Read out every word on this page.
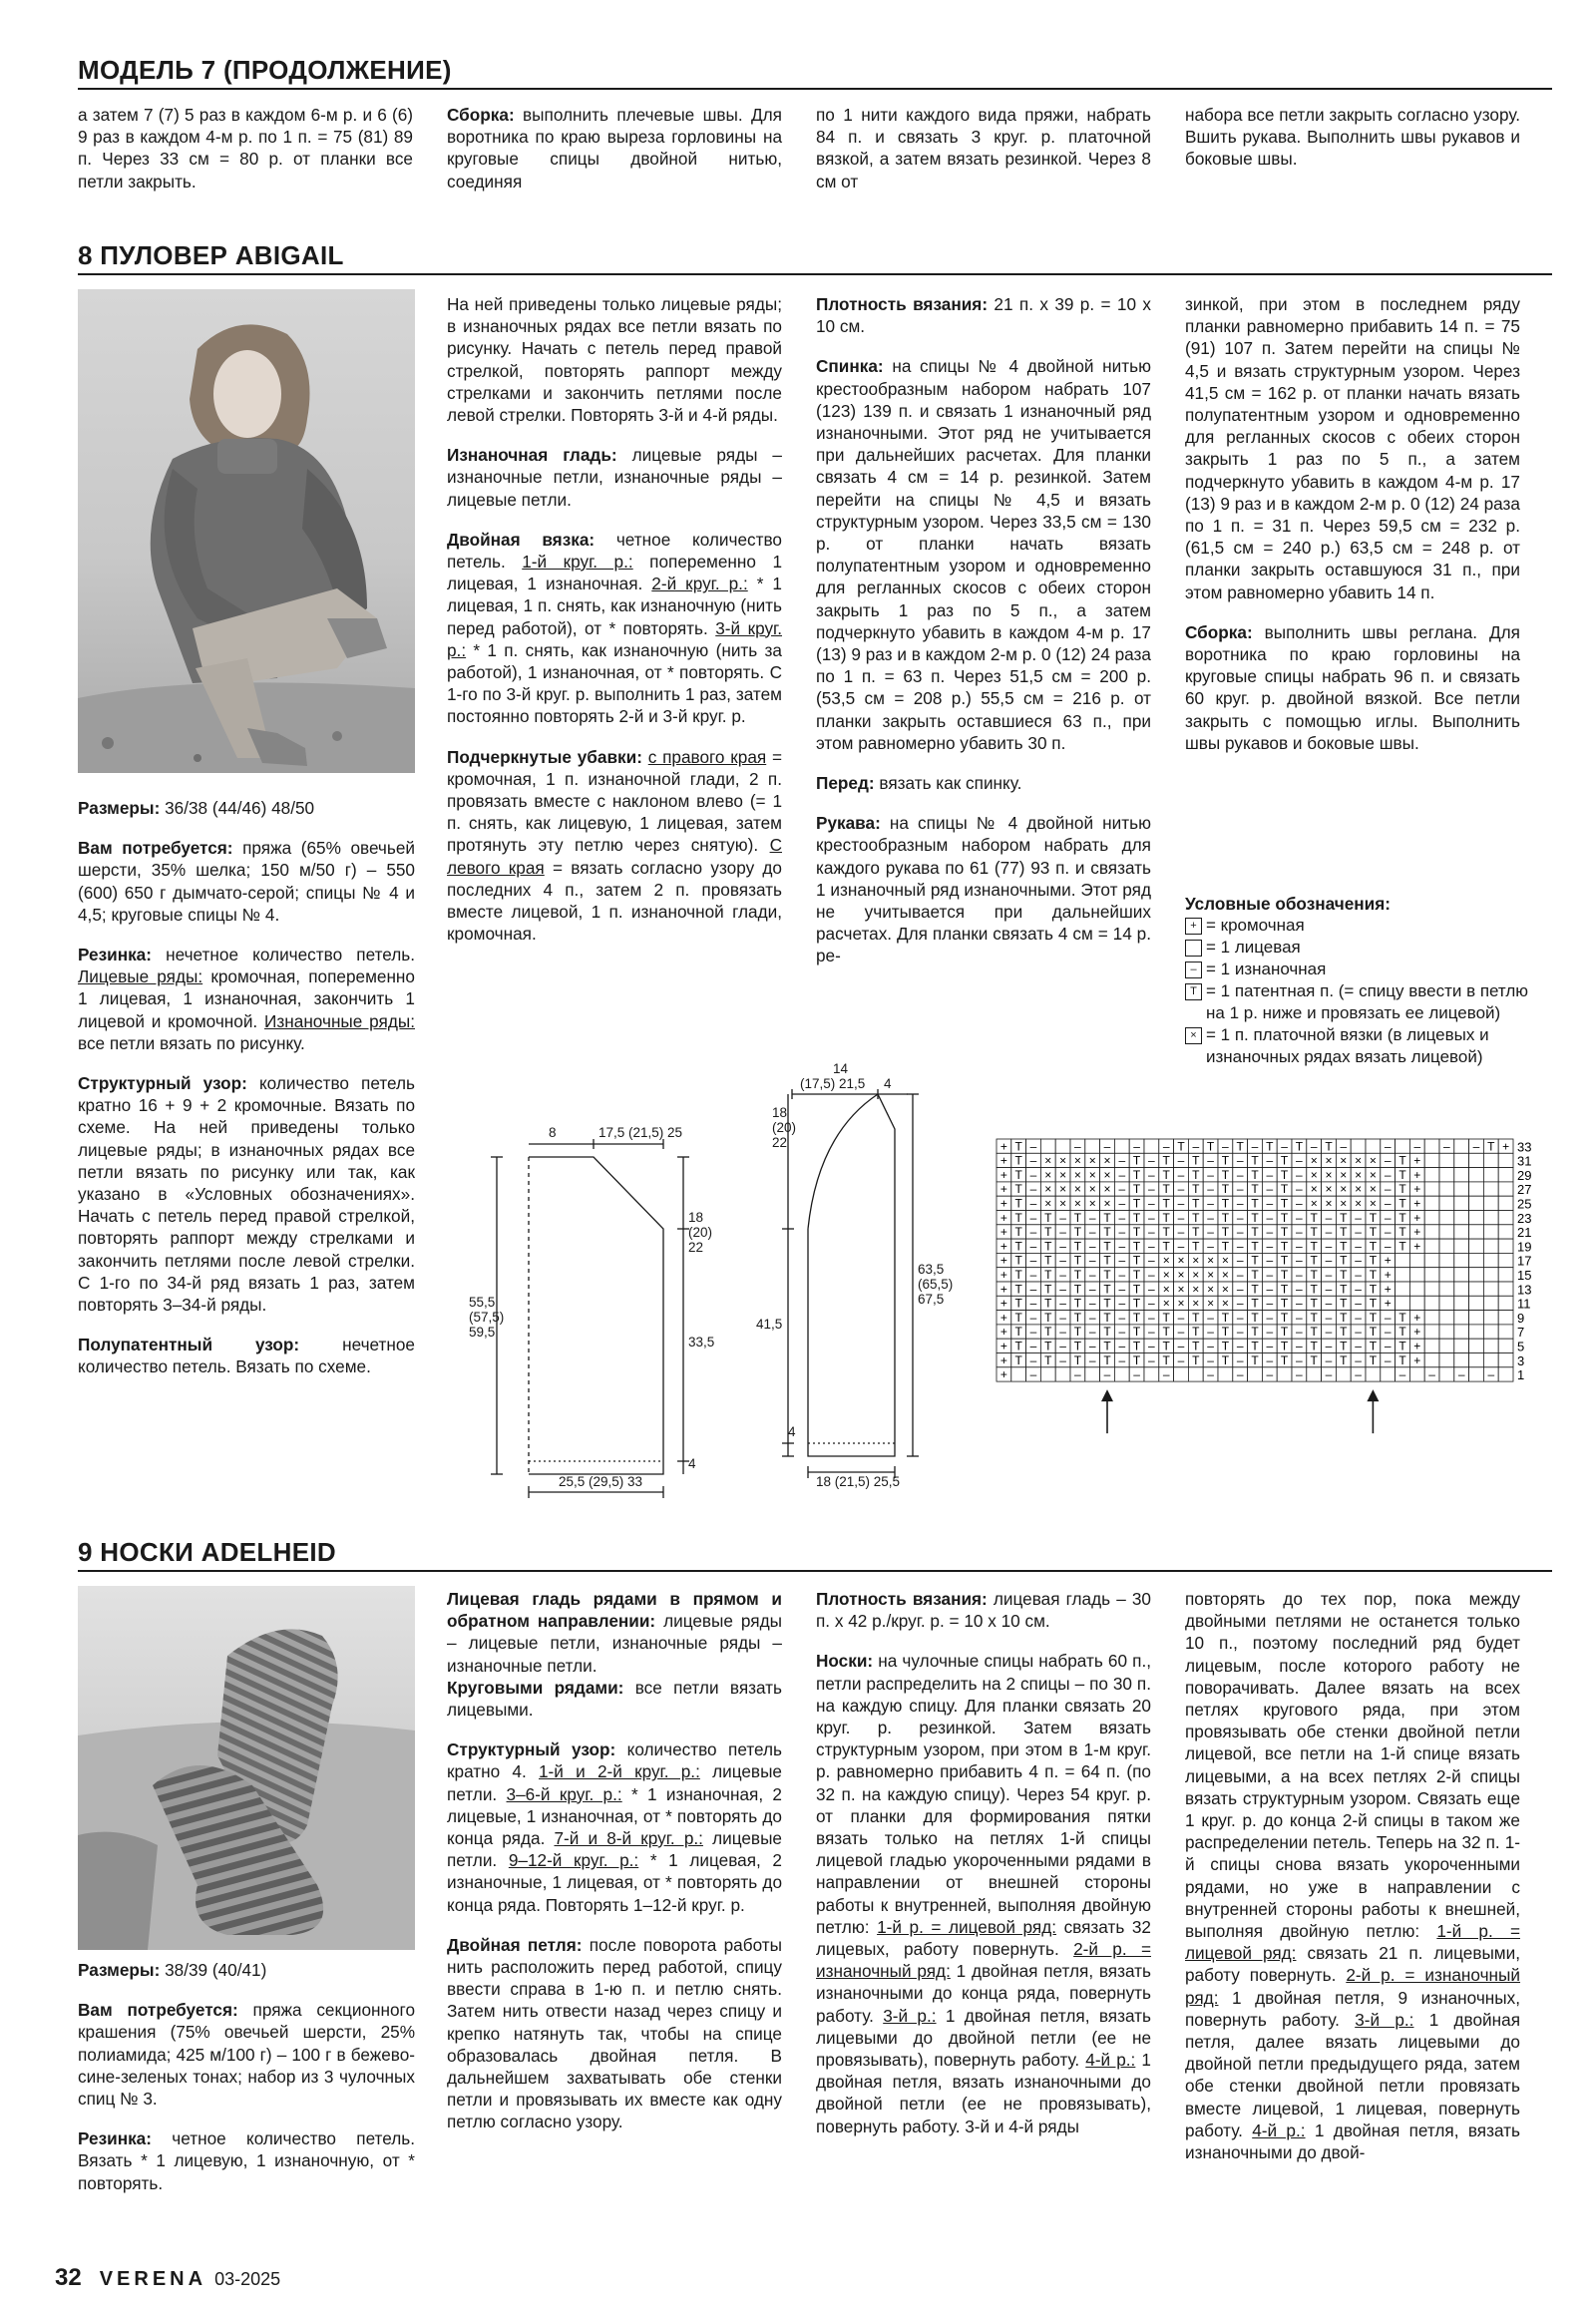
МОДЕЛЬ 7 (ПРОДОЛЖЕНИЕ)

а затем 7 (7) 5 раз в каждом 6-м р. и 6 (6) 9 раз в каждом 4-м р. по 1 п. = 75 (81) 89 п. Через 33 см = 80 р. от планки все петли закрыть.

Сборка: выполнить плечевые швы. Для воротника по краю выреза горловины на круговые спицы двойной нитью, соединяя

по 1 нити каждого вида пряжи, набрать 84 п. и связать 3 круг. р. платочной вязкой, а затем вязать резинкой. Через 8 см от

набора все петли закрыть согласно узору. Вшить рукава. Выполнить швы рукавов и боковые швы.

8 ПУЛОВЕР ABIGAIL

Размеры: 36/38 (44/46) 48/50

Вам потребуется: пряжа (65% овечьей шерсти, 35% шелка; 150 м/50 г) – 550 (600) 650 г дымчато-серой; спицы № 4 и 4,5; круговые спицы № 4.

Резинка: нечетное количество петель. Лицевые ряды: кромочная, попеременно 1 лицевая, 1 изнаночная, закончить 1 лицевой и кромочной. Изнаночные ряды: все петли вязать по рисунку.

Структурный узор: количество петель кратно 16 + 9 + 2 кромочные. Вязать по схеме. На ней приведены только лицевые ряды; в изнаночных рядах все петли вязать по рисунку или так, как указано в «Условных обозначениях». Начать с петель перед правой стрелкой, повторять раппорт между стрелками и закончить петлями после левой стрелки. С 1-го по 34-й ряд вязать 1 раз, затем повторять 3–34-й ряды.

Полупатентный узор: нечетное количество петель. Вязать по схеме.

На ней приведены только лицевые ряды; в изнаночных рядах все петли вязать по рисунку. Начать с петель перед правой стрелкой, повторять раппорт между стрелками и закончить петлями после левой стрелки. Повторять 3-й и 4-й ряды.

Изнаночная гладь: лицевые ряды – изнаночные петли, изнаночные ряды – лицевые петли.

Двойная вязка: четное количество петель. 1-й круг. р.: попеременно 1 лицевая, 1 изнаночная. 2-й круг. р.: * 1 лицевая, 1 п. снять, как изнаночную (нить перед работой), от * повторять. 3-й круг. р.: * 1 п. снять, как изнаночную (нить за работой), 1 изнаночная, от * повторять. С 1-го по 3-й круг. р. выполнить 1 раз, затем постоянно повторять 2-й и 3-й круг. р.

Подчеркнутые убавки: с правого края = кромочная, 1 п. изнаночной глади, 2 п. провязать вместе с наклоном влево (= 1 п. снять, как лицевую, 1 лицевая, затем протянуть эту петлю через снятую). С левого края = вязать согласно узору до последних 4 п., затем 2 п. провязать вместе лицевой, 1 п. изнаночной глади, кромочная.

Плотность вязания: 21 п. x 39 р. = 10 x 10 см.

Спинка: на спицы № 4 двойной нитью крестообразным набором набрать 107 (123) 139 п. и связать 1 изнаночный ряд изнаночными. Этот ряд не учитывается при дальнейших расчетах. Для планки связать 4 см = 14 р. резинкой. Затем перейти на спицы № 4,5 и вязать структурным узором. Через 33,5 см = 130 р. от планки начать вязать полупатентным узором и одновременно для регланных скосов с обеих сторон закрыть 1 раз по 5 п., а затем подчеркнуто убавить в каждом 4-м р. 17 (13) 9 раз и в каждом 2-м р. 0 (12) 24 раза по 1 п. = 63 п. Через 51,5 см = 200 р. (53,5 см = 208 р.) 55,5 см = 216 р. от планки закрыть оставшиеся 63 п., при этом равномерно убавить 30 п.

Перед: вязать как спинку.

Рукава: на спицы № 4 двойной нитью крестообразным набором набрать для каждого рукава по 61 (77) 93 п. и связать 1 изнаночный ряд изнаночными. Этот ряд не учитывается при дальнейших расчетах. Для планки связать 4 см = 14 р. ре-

зинкой, при этом в последнем ряду планки равномерно прибавить 14 п. = 75 (91) 107 п. Затем перейти на спицы № 4,5 и вязать структурным узором. Через 41,5 см = 162 р. от планки начать вязать полупатентным узором и одновременно для регланных скосов с обеих сторон закрыть 1 раз по 5 п., а затем подчеркнуто убавить в каждом 4-м р. 17 (13) 9 раз и в каждом 2-м р. 0 (12) 24 раза по 1 п. = 31 п. Через 59,5 см = 232 р. (61,5 см = 240 р.) 63,5 см = 248 р. от планки закрыть оставшуюся 31 п., при этом равномерно убавить 14 п.

Сборка: выполнить швы реглана. Для воротника по краю горловины на круговые спицы набрать 96 п. и связать 60 круг. р. двойной вязкой. Все петли закрыть с помощью иглы. Выполнить швы рукавов и боковые швы.

Условные обозначения:
+ = кромочная
= 1 лицевая
– = 1 изнаночная
T = 1 патентная п. (= спицу ввести в петлю на 1 р. ниже и провязать ее лицевой)
× = 1 п. платочной вязки (в лицевых и изнаночных рядах вязать лицевой)
8	17,5 (21,5) 25
18 (20) 22
55,5 (57,5) 59,5
33,5
4
25,5 (29,5) 33
14
(17,5) 21,5 4
18 (20) 22
63,5 (65,5) 67,5
41,5
4
18 (21,5) 25,5
+ T –	– – – – T – T – T – T – T – T –	– – – – T + 33
+ T – × × × × × – T – T – T – T – T – T – × × × × × – T +	31
+ T – × × × × × – T – T – T – T – T – T – × × × × × – T +	29
+ T – × × × × × – T – T – T – T – T – T – × × × × × – T +	27
+ T – × × × × × – T – T – T – T – T – T – × × × × × – T +	25
+ T – T – T – T – T – T – T – T – T – T – T – T – T – T +	23
+ T – T – T – T – T – T – T – T – T – T – T – T – T – T +	21
+ T – T – T – T – T – T – T – T – T – T – T – T – T – T +	19
+ T – T – T – T – T – × × × × × – T – T – T – T – T +	17
+ T – T – T – T – T – × × × × × – T – T – T – T – T +	15
+ T – T – T – T – T – × × × × × – T – T – T – T – T +	13
+ T – T – T – T – T – × × × × × – T – T – T – T – T +	11
+ T – T – T – T – T – T – T – T – T – T – T – T – T – T +	9
+ T – T – T – T – T – T – T – T – T – T – T – T – T – T +	7
+ T – T – T – T – T – T – T – T – T – T – T – T – T – T +	5
+ T – T – T – T – T – T – T – T – T – T – T – T – T – T +	3
+ –	– – – –	– – – – – –	– – – – 1
9 НОСКИ ADELHEID

Размеры: 38/39 (40/41)

Вам потребуется: пряжа секционного крашения (75% овечьей шерсти, 25% полиамида; 425 м/100 г) – 100 г в бежево-сине-зеленых тонах; набор из 3 чулочных спиц № 3.

Резинка: четное количество петель. Вязать * 1 лицевую, 1 изнаночную, от * повторять.

Лицевая гладь рядами в прямом и обратном направлении: лицевые ряды – лицевые петли, изнаночные ряды – изнаночные петли.
Круговыми рядами: все петли вязать лицевыми.

Структурный узор: количество петель кратно 4. 1-й и 2-й круг. р.: лицевые петли. 3–6-й круг. р.: * 1 изнаночная, 2 лицевые, 1 изнаночная, от * повторять до конца ряда. 7-й и 8-й круг. р.: лицевые петли. 9–12-й круг. р.: * 1 лицевая, 2 изнаночные, 1 лицевая, от * повторять до конца ряда. Повторять 1–12-й круг. р.

Двойная петля: после поворота работы нить расположить перед работой, спицу ввести справа в 1-ю п. и петлю снять. Затем нить отвести назад через спицу и крепко натянуть так, чтобы на спице образовалась двойная петля. В дальнейшем захватывать обе стенки петли и провязывать их вместе как одну петлю согласно узору.

Плотность вязания: лицевая гладь – 30 п. x 42 р./круг. р. = 10 x 10 см.

Носки: на чулочные спицы набрать 60 п., петли распределить на 2 спицы – по 30 п. на каждую спицу. Для планки связать 20 круг. р. резинкой. Затем вязать структурным узором, при этом в 1-м круг. р. равномерно прибавить 4 п. = 64 п. (по 32 п. на каждую спицу). Через 54 круг. р. от планки для формирования пятки вязать только на петлях 1-й спицы лицевой гладью укороченными рядами в направлении от внешней стороны работы к внутренней, выполняя двойную петлю: 1-й р. = лицевой ряд: связать 32 лицевых, работу повернуть. 2-й р. = изнаночный ряд: 1 двойная петля, вязать изнаночными до конца ряда, повернуть работу. 3-й р.: 1 двойная петля, вязать лицевыми до двойной петли (ее не провязывать), повернуть работу. 4-й р.: 1 двойная петля, вязать изнаночными до двойной петли (ее не провязывать), повернуть работу. 3-й и 4-й ряды

повторять до тех пор, пока между двойными петлями не останется только 10 п., поэтому последний ряд будет лицевым, после которого работу не поворачивать. Далее вязать на всех петлях кругового ряда, при этом провязывать обе стенки двойной петли лицевой, все петли на 1-й спице вязать лицевыми, а на всех петлях 2-й спицы вязать структурным узором. Связать еще 1 круг. р. до конца 2-й спицы в таком же распределении петель. Теперь на 32 п. 1-й спицы снова вязать укороченными рядами, но уже в направлении с внутренней стороны работы к внешней, выполняя двойную петлю: 1-й р. = лицевой ряд: связать 21 п. лицевыми, работу повернуть. 2-й р. = изнаночный ряд: 1 двойная петля, 9 изнаночных, повернуть работу. 3-й р.: 1 двойная петля, далее вязать лицевыми до двойной петли предыдущего ряда, затем обе стенки двойной петли провязать вместе лицевой, 1 лицевая, повернуть работу. 4-й р.: 1 двойная петля, вязать изнаночными до двой-

32 VERENA 03-2025
